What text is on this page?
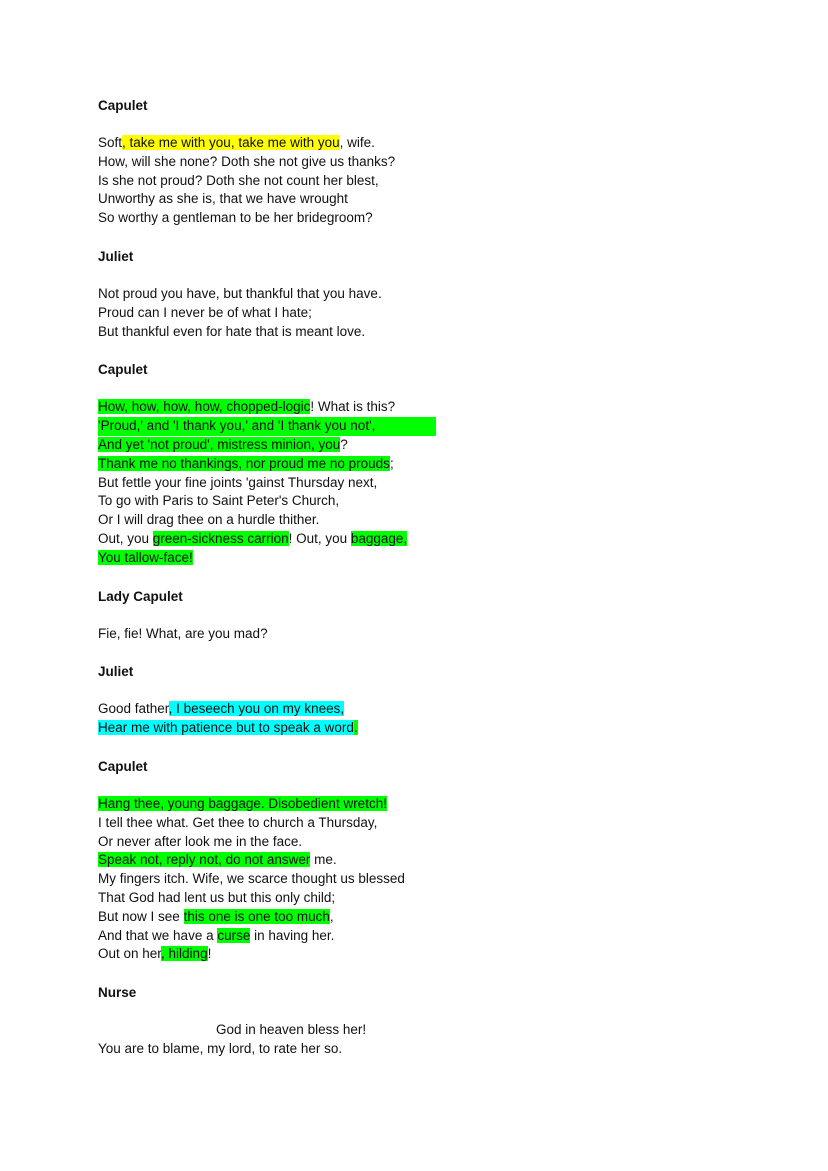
Capulet

Soft, take me with you, take me with you, wife.

How, will she none? Doth she not give us thanks?

Is she not proud? Doth she not count her blest,

Unworthy as she is, that we have wrought

So worthy a gentleman to be her bridegroom?

Juliet

Not proud you have, but thankful that you have.

Proud can I never be of what I hate;

But thankful even for hate that is meant love.

Capulet

How, how, how, how, chopped-logic! What is this?

'Proud,' and 'I thank you,' and 'I thank you not',

And yet 'not proud', mistress minion, you?

Thank me no thankings, nor proud me no prouds;

But fettle your fine joints 'gainst Thursday next,

To go with Paris to Saint Peter's Church,

Or I will drag thee on a hurdle thither.

Out, you green-sickness carrion! Out, you baggage,

You tallow-face!

Lady Capulet

Fie, fie! What, are you mad?

Juliet

Good father, I beseech you on my knees,

Hear me with patience but to speak a word.

Capulet

Hang thee, young baggage. Disobedient wretch!

I tell thee what. Get thee to church a Thursday,

Or never after look me in the face.

Speak not, reply not, do not answer me.

My fingers itch. Wife, we scarce thought us blessed

That God had lent us but this only child;

But now I see this one is one too much,

And that we have a curse in having her.

Out on her, hilding!

Nurse

God in heaven bless her!

You are to blame, my lord, to rate her so.
